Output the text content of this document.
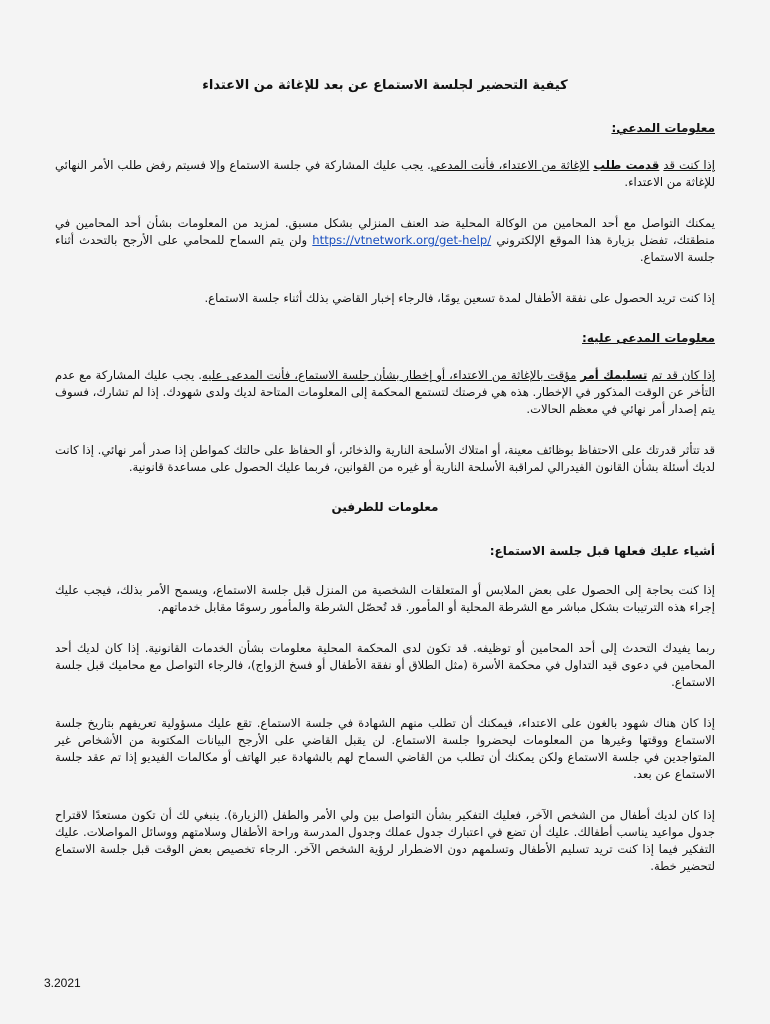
كيفية التحضير لجلسة الاستماع عن بعد للإغاثة من الاعتداء
معلومات المدعي:

إذا كنت قد قدمت طلب الإغاثة من الاعتداء، فأنت المدعي. يجب عليك المشاركة في جلسة الاستماع وإلا فسيتم رفض طلب الأمر النهائي للإغاثة من الاعتداء.

يمكنك التواصل مع أحد المحامين من الوكالة المحلية ضد العنف المنزلي بشكل مسبق. لمزيد من المعلومات بشأن أحد المحامين في منطقتك، تفضل بزيارة هذا الموقع الإلكتروني https://vtnetwork.org/get-help/ ولن يتم السماح للمحامي على الأرجح بالتحدث أثناء جلسة الاستماع.

إذا كنت تريد الحصول على نفقة الأطفال لمدة تسعين يومًا، فالرجاء إخبار القاضي بذلك أثناء جلسة الاستماع.

معلومات المدعى عليه:

إذا كان قد تم تسليمك أمر مؤقت بالإغاثة من الاعتداء، أو إخطار بشأن جلسة الاستماع، فأنت المدعى عليه. يجب عليك المشاركة مع عدم التأخر عن الوقت المذكور في الإخطار. هذه هي فرصتك لتستمع المحكمة إلى المعلومات المتاحة لديك ولدى شهودك. إذا لم تشارك، فسوف يتم إصدار أمر نهائي في معظم الحالات.

قد تتأثر قدرتك على الاحتفاظ بوظائف معينة، أو امتلاك الأسلحة النارية والذخائر، أو الحفاظ على حالتك كمواطن إذا صدر أمر نهائي. إذا كانت لديك أسئلة بشأن القانون الفيدرالي لمراقبة الأسلحة النارية أو غيره من القوانين، فربما عليك الحصول على مساعدة قانونية.

معلومات للطرفين
أشياء عليك فعلها قبل جلسة الاستماع:

إذا كنت بحاجة إلى الحصول على بعض الملابس أو المتعلقات الشخصية من المنزل قبل جلسة الاستماع، ويسمح الأمر بذلك، فيجب عليك إجراء هذه الترتيبات بشكل مباشر مع الشرطة المحلية أو المأمور. قد تُحصّل الشرطة والمأمور رسومًا مقابل خدماتهم.

ربما يفيدك التحدث إلى أحد المحامين أو توظيفه. قد تكون لدى المحكمة المحلية معلومات بشأن الخدمات القانونية. إذا كان لديك أحد المحامين في دعوى قيد التداول في محكمة الأسرة (مثل الطلاق أو نفقة الأطفال أو فسخ الزواج)، فالرجاء التواصل مع محاميك قبل جلسة الاستماع.

إذا كان هناك شهود بالغون على الاعتداء، فيمكنك أن تطلب منهم الشهادة في جلسة الاستماع. تقع عليك مسؤولية تعريفهم بتاريخ جلسة الاستماع ووقتها وغيرها من المعلومات ليحضروا جلسة الاستماع. لن يقبل القاضي على الأرجح البيانات المكتوبة من الأشخاص غير المتواجدين في جلسة الاستماع ولكن يمكنك أن تطلب من القاضي السماح لهم بالشهادة عبر الهاتف أو مكالمات الفيديو إذا تم عقد جلسة الاستماع عن بعد.

إذا كان لديك أطفال من الشخص الآخر، فعليك التفكير بشأن التواصل بين ولي الأمر والطفل (الزيارة). ينبغي لك أن تكون مستعدًا لاقتراح جدول مواعيد يناسب أطفالك. عليك أن تضع في اعتبارك جدول عملك وجدول المدرسة وراحة الأطفال وسلامتهم ووسائل المواصلات. عليك التفكير فيما إذا كنت تريد تسليم الأطفال وتسلمهم دون الاضطرار لرؤية الشخص الآخر. الرجاء تخصيص بعض الوقت قبل جلسة الاستماع لتحضير خطة.

3.2021
